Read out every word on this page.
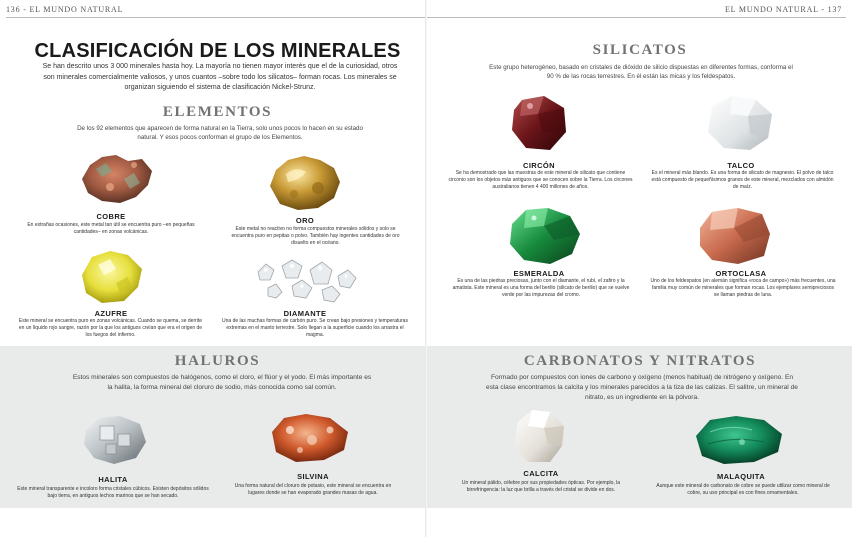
136 - EL MUNDO NATURAL	EL MUNDO NATURAL - 137
CLASIFICACIÓN DE LOS MINERALES
Se han descrito unos 3 000 minerales hasta hoy. La mayoría no tienen mayor interés que el de la curiosidad, otros son minerales comercialmente valiosos, y unos cuantos –sobre todo los silicatos– forman rocas. Los minerales se organizan siguiendo el sistema de clasificación Nickel-Strunz.
ELEMENTOS
De los 92 elementos que aparecen de forma natural en la Tierra, solo unos pocos lo hacen en su estado natural. Y esos pocos conforman el grupo de los Elementos.
COBRE
En extrañas ocasiones, este metal tan útil se encuentra puro –en pequeñas cantidades– en zonas volcánicas.
ORO
Este metal no reactivo no forma compuestos minerales sólidos y solo se encuentra puro en pepitas o polvo. También hay ingentes cantidades de oro disuelto en el océano.
AZUFRE
Este mineral se encuentra puro en zonas volcánicas. Cuando se quema, se derrite en un líquido rojo sangre, razón por la que los antiguos creían que era el origen de los fuegos del infierno.
DIAMANTE
Una de las muchas formas de carbón puro. Se crean bajo presiones y temperaturas extremas en el manto terrestre. Solo llegan a la superficie cuando los arrastra el magma.
SILICATOS
Este grupo heterogéneo, basado en cristales de dióxido de silicio dispuestas en diferentes formas, conforma el 90 % de las rocas terrestres. En él están las micas y los feldespatos.
CIRCÓN
Se ha demostrado que las muestras de este mineral de silicato que contiene circonio son los objetos más antiguos que se conocen sobre la Tierra. Los circones australianos tienen 4 400 millones de años.
TALCO
Es el mineral más blando. Es una forma de silicato de magnesio. El polvo de talco está compuesto de pequeñísimos granos de este mineral, mezclados con almidón de maíz.
ESMERALDA
Es una de las piedras preciosas, junto con el diamante, el rubí, el zafiro y la amatista. Este mineral es una forma del berilio (silicato de berilio) que se vuelve verde por las impurezas del cromo.
ORTOCLASA
Uno de los feldespatos (en alemán significa «roca de campo») más frecuentes, una familia muy común de minerales que forman rocas. Los ejemplares semipreciosos se llaman piedras de luna.
HALUROS
Estos minerales son compuestos de halógenos, como el cloro, el flúor y el yodo. El más importante es la halita, la forma mineral del cloruro de sodio, más conocida como sal común.
HALITA
Este mineral transparente e incoloro forma cristales cúbicos. Existen depósitos sólidos bajo tierra, en antiguos lechos marinos que se han secado.
SILVINA
Una forma natural del cloruro de potasio, este mineral se encuentra en lugares donde se han evaporado grandes masas de agua.
CARBONATOS Y NITRATOS
Formado por compuestos con iones de carbono y oxígeno (menos habitual) de nitrógeno y oxígeno. En esta clase encontramos la calcita y los minerales parecidos a la tiza de las calizas. El salitre, un mineral de nitrato, es un ingrediente en la pólvora.
CALCITA
Un mineral pálido, célebre por sus propiedades ópticas. Por ejemplo, la birrefringencia: la luz que brilla a través del cristal se divide en dos.
MALAQUITA
Aunque este mineral de carbonato de cobre se puede utilizar como mineral de cobre, su uso principal es con fines ornamentales.
